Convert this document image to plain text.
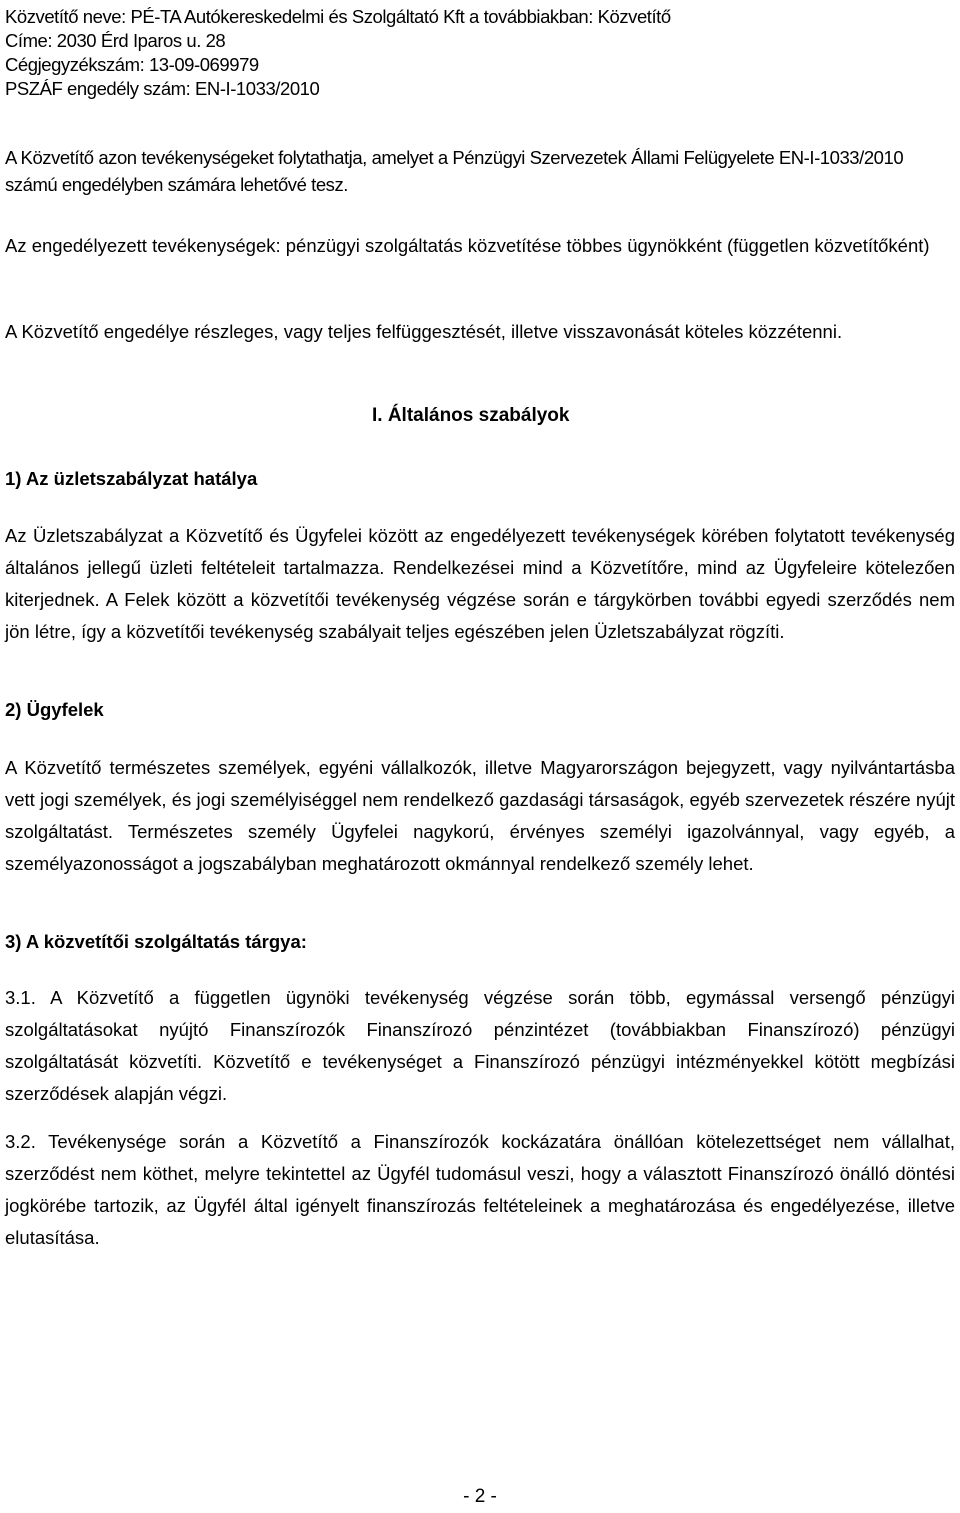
Közvetítő neve: PÉ-TA Autókereskedelmi és Szolgáltató Kft a továbbiakban: Közvetítő
Címe: 2030 Érd Iparos u. 28
Cégjegyzékszám: 13-09-069979
PSZÁF engedély szám: EN-I-1033/2010

A Közvetítő azon tevékenységeket folytathatja, amelyet a Pénzügyi Szervezetek Állami Felügyelete EN-I-1033/2010 számú engedélyben számára lehetővé tesz.

Az engedélyezett tevékenységek: pénzügyi szolgáltatás közvetítése többes ügynökként (független közvetítőként)

A Közvetítő engedélye részleges, vagy teljes felfüggesztését, illetve visszavonását köteles közzétenni.

I. Általános szabályok
1) Az üzletszabályzat hatálya

Az Üzletszabályzat a Közvetítő és Ügyfelei között az engedélyezett tevékenységek körében folytatott tevékenység általános jellegű üzleti feltételeit tartalmazza. Rendelkezései mind a Közvetítőre, mind az Ügyfeleire kötelezően kiterjednek. A Felek között a közvetítői tevékenység végzése során e tárgykörben további egyedi szerződés nem jön létre, így a közvetítői tevékenység szabályait teljes egészében jelen Üzletszabályzat rögzíti.

2) Ügyfelek

A Közvetítő természetes személyek, egyéni vállalkozók, illetve Magyarországon bejegyzett, vagy nyilvántartásba vett jogi személyek, és jogi személyiséggel nem rendelkező gazdasági társaságok, egyéb szervezetek részére nyújt szolgáltatást. Természetes személy Ügyfelei nagykorú, érvényes személyi igazolvánnyal, vagy egyéb, a személyazonosságot a jogszabályban meghatározott okmánnyal rendelkező személy lehet.

3) A közvetítői szolgáltatás tárgya:

3.1. A Közvetítő a független ügynöki tevékenység végzése során több, egymással versengő pénzügyi szolgáltatásokat nyújtó Finanszírozók Finanszírozó pénzintézet (továbbiakban Finanszírozó) pénzügyi szolgáltatását közvetíti. Közvetítő e tevékenységet a Finanszírozó pénzügyi intézményekkel kötött megbízási szerződések alapján végzi.

3.2. Tevékenysége során a Közvetítő a Finanszírozók kockázatára önállóan kötelezettséget nem vállalhat, szerződést nem köthet, melyre tekintettel az Ügyfél tudomásul veszi, hogy a választott Finanszírozó önálló döntési jogkörébe tartozik, az Ügyfél által igényelt finanszírozás feltételeinek a meghatározása és engedélyezése, illetve elutasítása.

- 2 -
